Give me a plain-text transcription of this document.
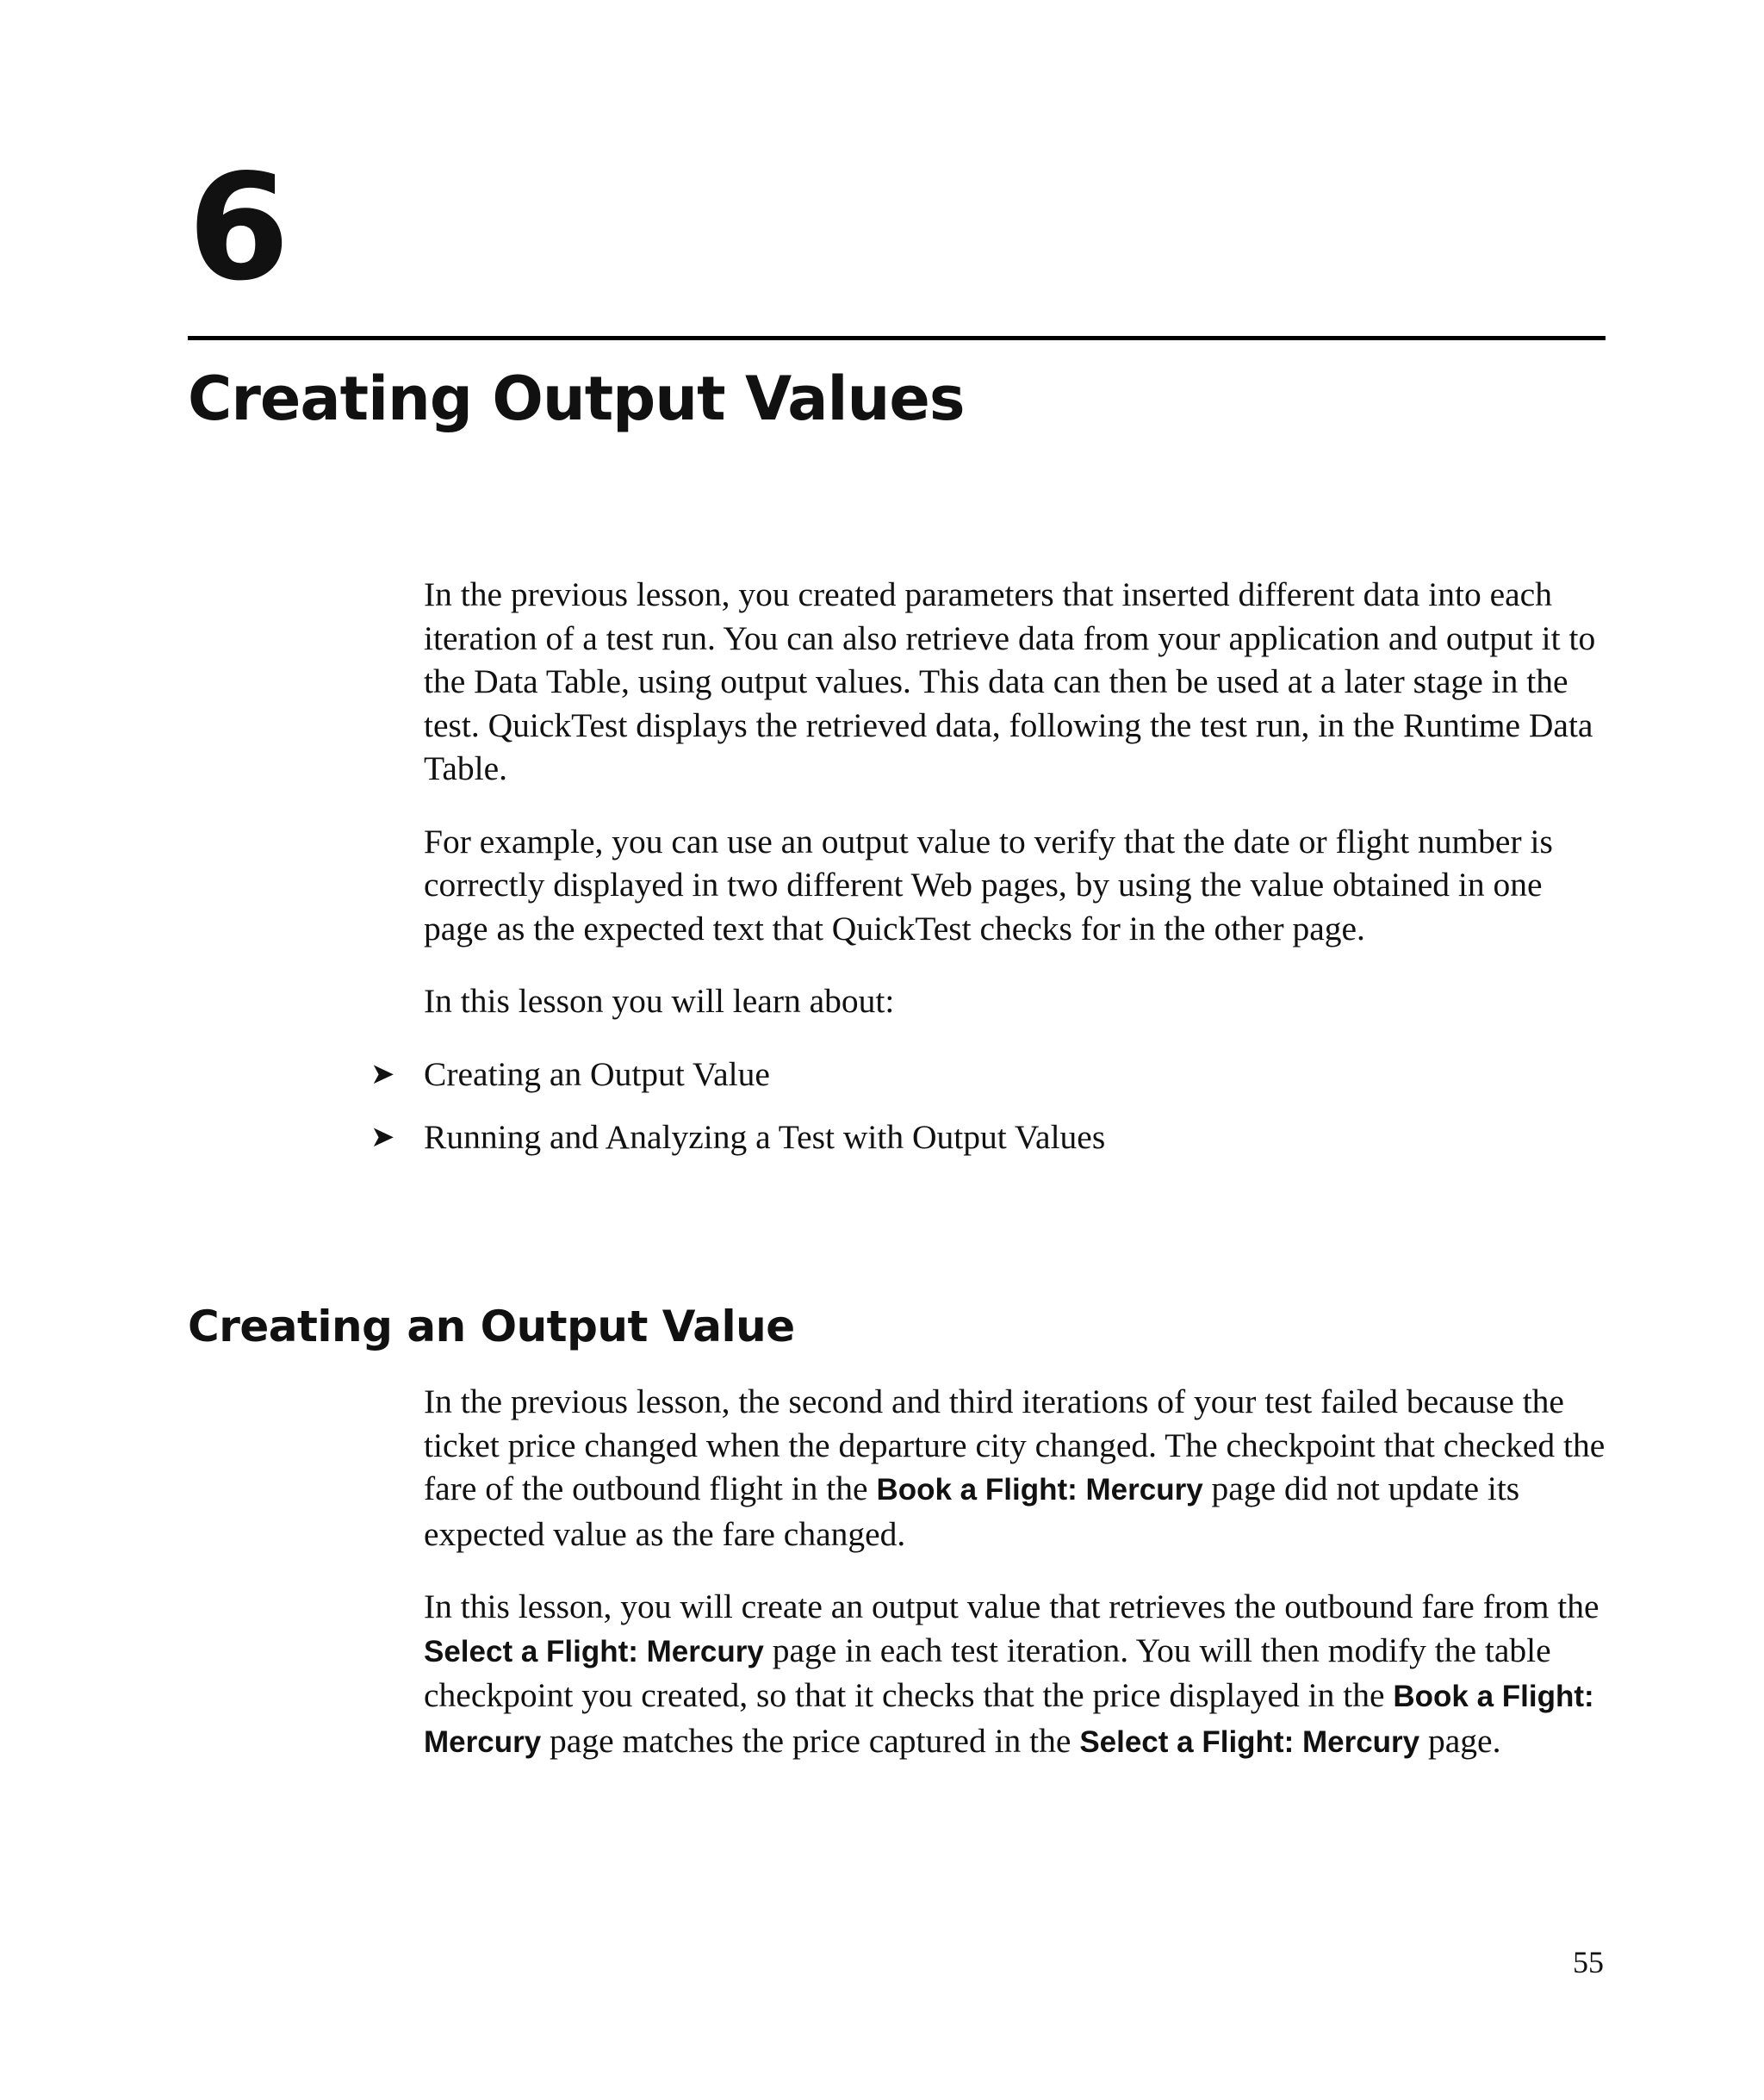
6
Creating Output Values

In the previous lesson, you created parameters that inserted different data into each iteration of a test run. You can also retrieve data from your application and output it to the Data Table, using output values. This data can then be used at a later stage in the test. QuickTest displays the retrieved data, following the test run, in the Runtime Data Table.

For example, you can use an output value to verify that the date or flight number is correctly displayed in two different Web pages, by using the value obtained in one page as the expected text that QuickTest checks for in the other page.

In this lesson you will learn about:

➤ Creating an Output Value
➤ Running and Analyzing a Test with Output Values
Creating an Output Value

In the previous lesson, the second and third iterations of your test failed because the ticket price changed when the departure city changed. The checkpoint that checked the fare of the outbound flight in the Book a Flight: Mercury page did not update its expected value as the fare changed.

In this lesson, you will create an output value that retrieves the outbound fare from the Select a Flight: Mercury page in each test iteration. You will then modify the table checkpoint you created, so that it checks that the price displayed in the Book a Flight: Mercury page matches the price captured in the Select a Flight: Mercury page.

55
